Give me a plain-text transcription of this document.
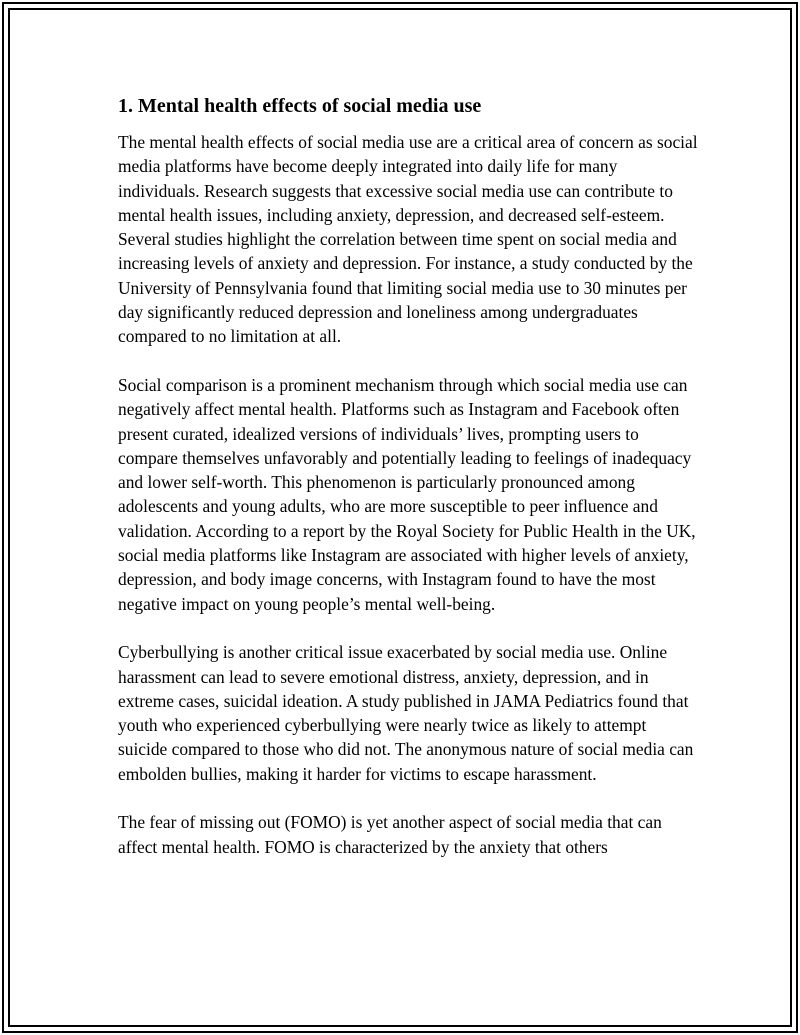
1. Mental health effects of social media use

The mental health effects of social media use are a critical area of concern as social media platforms have become deeply integrated into daily life for many individuals. Research suggests that excessive social media use can contribute to mental health issues, including anxiety, depression, and decreased self-esteem. Several studies highlight the correlation between time spent on social media and increasing levels of anxiety and depression. For instance, a study conducted by the University of Pennsylvania found that limiting social media use to 30 minutes per day significantly reduced depression and loneliness among undergraduates compared to no limitation at all.

Social comparison is a prominent mechanism through which social media use can negatively affect mental health. Platforms such as Instagram and Facebook often present curated, idealized versions of individuals’ lives, prompting users to compare themselves unfavorably and potentially leading to feelings of inadequacy and lower self-worth. This phenomenon is particularly pronounced among adolescents and young adults, who are more susceptible to peer influence and validation. According to a report by the Royal Society for Public Health in the UK, social media platforms like Instagram are associated with higher levels of anxiety, depression, and body image concerns, with Instagram found to have the most negative impact on young people’s mental well-being.

Cyberbullying is another critical issue exacerbated by social media use. Online harassment can lead to severe emotional distress, anxiety, depression, and in extreme cases, suicidal ideation. A study published in JAMA Pediatrics found that youth who experienced cyberbullying were nearly twice as likely to attempt suicide compared to those who did not. The anonymous nature of social media can embolden bullies, making it harder for victims to escape harassment.

The fear of missing out (FOMO) is yet another aspect of social media that can affect mental health. FOMO is characterized by the anxiety that others
